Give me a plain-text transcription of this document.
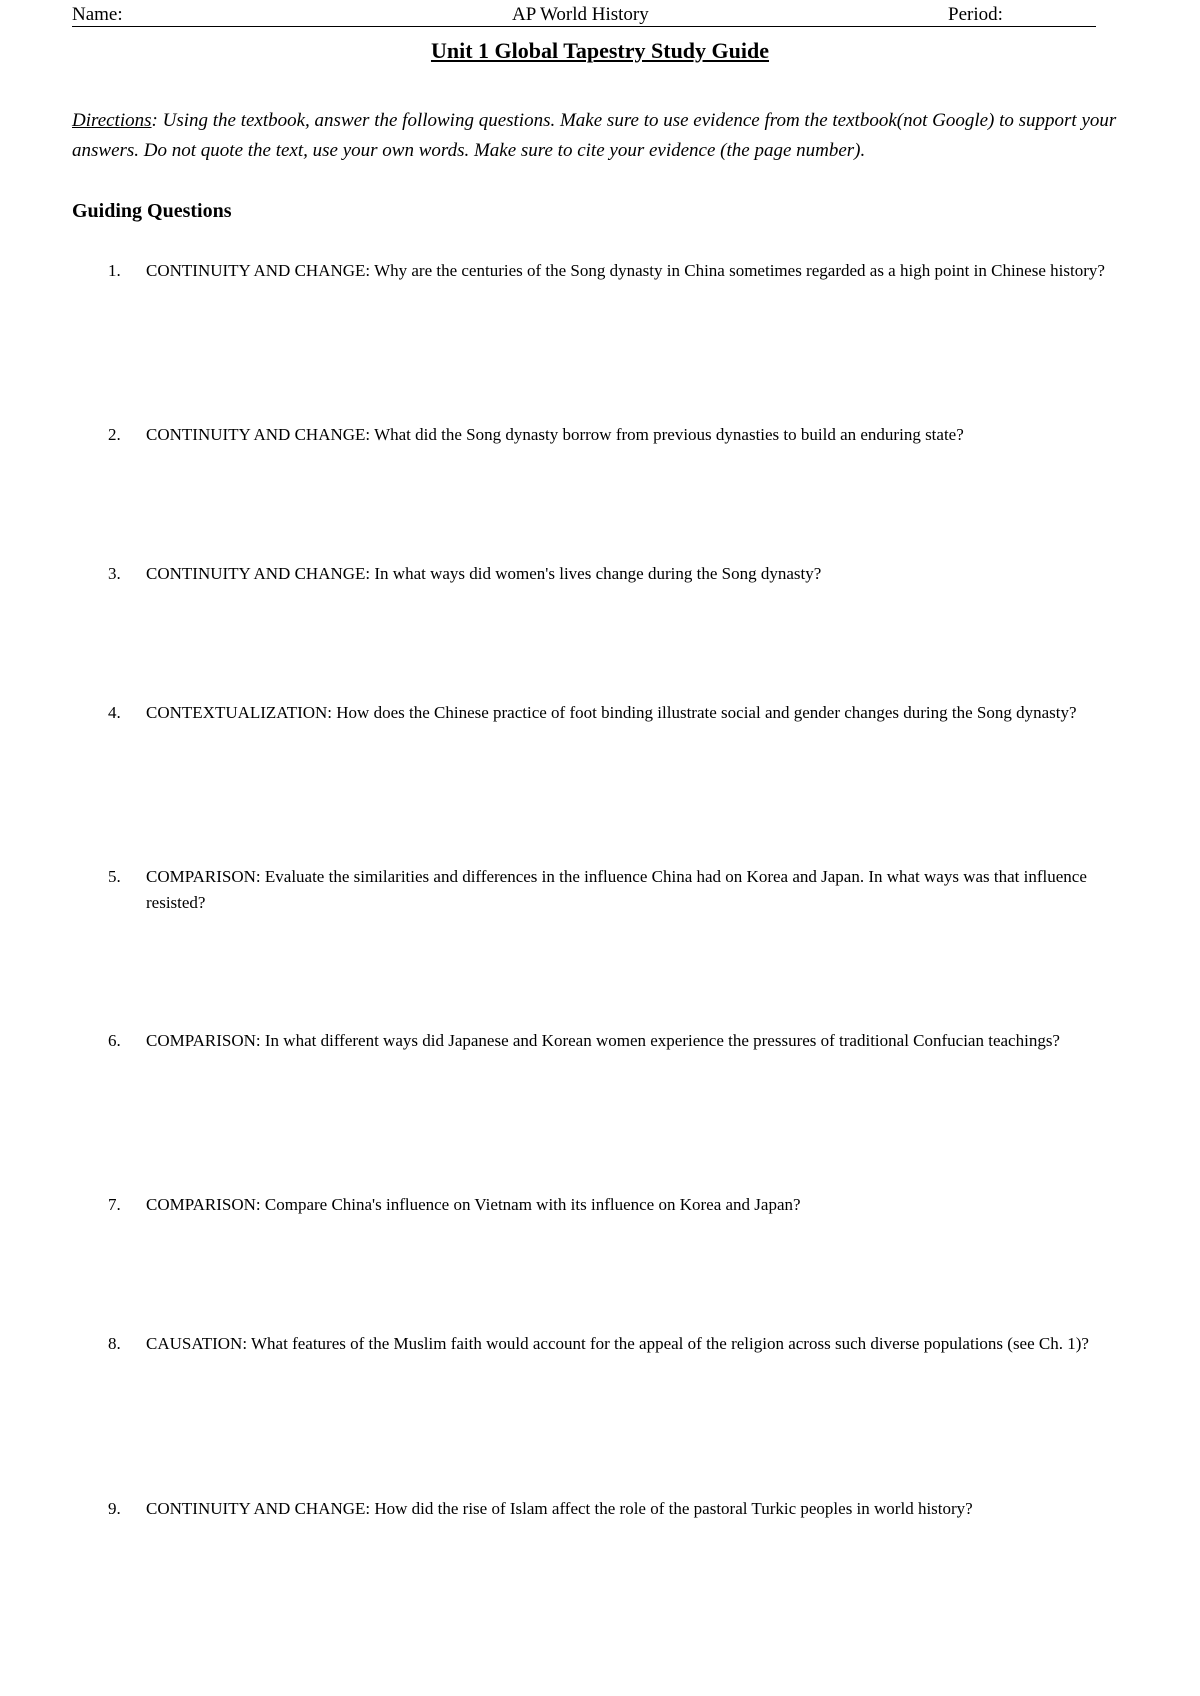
Name:	AP World History	Period:
Unit 1 Global Tapestry Study Guide
Directions: Using the textbook, answer the following questions. Make sure to use evidence from the textbook(not Google) to support your answers. Do not quote the text, use your own words. Make sure to cite your evidence (the page number).
Guiding Questions
1. CONTINUITY AND CHANGE: Why are the centuries of the Song dynasty in China sometimes regarded as a high point in Chinese history?
2. CONTINUITY AND CHANGE: What did the Song dynasty borrow from previous dynasties to build an enduring state?
3. CONTINUITY AND CHANGE: In what ways did women's lives change during the Song dynasty?
4. CONTEXTUALIZATION: How does the Chinese practice of foot binding illustrate social and gender changes during the Song dynasty?
5. COMPARISON: Evaluate the similarities and differences in the influence China had on Korea and Japan. In what ways was that influence resisted?
6. COMPARISON: In what different ways did Japanese and Korean women experience the pressures of traditional Confucian teachings?
7. COMPARISON: Compare China's influence on Vietnam with its influence on Korea and Japan?
8. CAUSATION: What features of the Muslim faith would account for the appeal of the religion across such diverse populations (see Ch. 1)?
9. CONTINUITY AND CHANGE: How did the rise of Islam affect the role of the pastoral Turkic peoples in world history?
